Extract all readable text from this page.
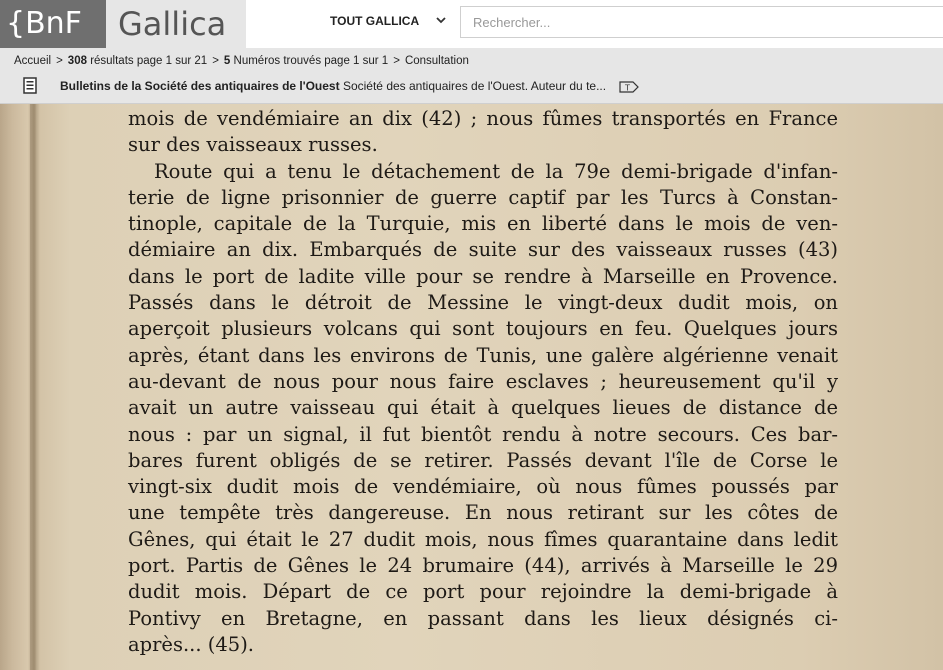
{BnF	Gallica	TOUT GALLICA
Rechercher...
Accueil > 308 résultats page 1 sur 21 > 5 Numéros trouvés page 1 sur 1 > Consultation
Bulletins de la Société des antiquaires de l'Ouest Société des antiquaires de l'Ouest. Auteur du te... T
mois de vendémiaire an dix (42) ; nous fûmes transportés en France
sur des vaisseaux russes.
Route qui a tenu le détachement de la 79e demi-brigade d'infan-
terie de ligne prisonnier de guerre captif par les Turcs à Constan-
tinople, capitale de la Turquie, mis en liberté dans le mois de ven-
démiaire an dix. Embarqués de suite sur des vaisseaux russes (43)
dans le port de ladite ville pour se rendre à Marseille en Provence.
Passés dans le détroit de Messine le vingt-deux dudit mois, on
aperçoit plusieurs volcans qui sont toujours en feu. Quelques jours
après, étant dans les environs de Tunis, une galère algérienne venait
au-devant de nous pour nous faire esclaves ; heureusement qu'il y
avait un autre vaisseau qui était à quelques lieues de distance de
nous : par un signal, il fut bientôt rendu à notre secours. Ces bar-
bares furent obligés de se retirer. Passés devant l'île de Corse le
vingt-six dudit mois de vendémiaire, où nous fûmes poussés par
une tempête très dangereuse. En nous retirant sur les côtes de
Gênes, qui était le 27 dudit mois, nous fîmes quarantaine dans ledit
port. Partis de Gênes le 24 brumaire (44), arrivés à Marseille le 29
dudit mois. Départ de ce port pour rejoindre la demi-brigade à
Pontivy en Bretagne, en passant dans les lieux désignés ci-
après... (45).
